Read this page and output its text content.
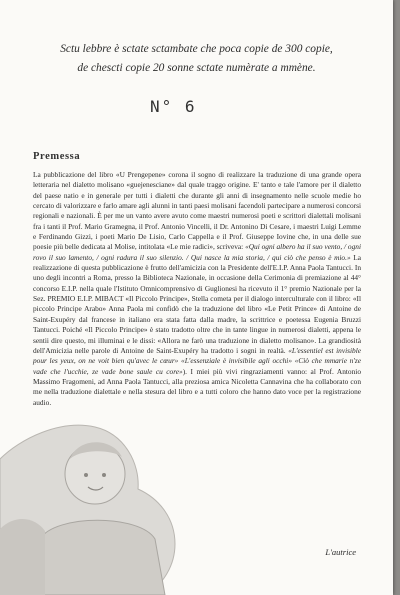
Sctu lebbre è sctate sctambate che poca copie de 300 copie,
de chescti copie 20 sonne sctate numèrate a mmène.
N° 6
Premessa
La pubblicazione del libro «U Prengepene» corona il sogno di realizzare la traduzione di una grande opera letteraria nel dialetto molisano «guejenesciane» dal quale traggo origine. E' tanto e tale l'amore per il dialetto del paese natio e in generale per tutti i dialetti che durante gli anni di insegnamento nelle scuole medie ho cercato di valorizzare e farlo amare agli alunni in tanti paesi molisani facendoli partecipare a numerosi concorsi regionali e nazionali. È per me un vanto avere avuto come maestri numerosi poeti e scrittori dialettali molisani fra i tanti il Prof. Mario Gramegna, il Prof. Antonio Vincelli, il Dr. Antonino Di Cesare, i maestri Luigi Lemme e Ferdinando Gizzi, i poeti Mario De Lisio, Carlo Cappella e il Prof. Giuseppe Iovine che, in una delle sue poesie più belle dedicata al Molise, intitolata «Le mie radici», scriveva: «Qui ogni albero ha il suo vento, / ogni rovo il suo lamento, / ogni radura il suo silenzio. / Qui nasce la mia storia, / qui ciò che penso è mio.» La realizzazione di questa pubblicazione è frutto dell'amicizia con la Presidente dell'E.I.P. Anna Paola Tantucci. In uno degli incontri a Roma, presso la Biblioteca Nazionale, in occasione della Cerimonia di premiazione al 44° concorso E.I.P. nella quale l'Istituto Omnicomprensivo di Guglionesi ha ricevuto il 1° premio Nazionale per la Sez. PREMIO E.I.P. MIBACT «Il Piccolo Principe», Stella cometa per il dialogo interculturale con il libro: «Il piccolo Principe Arabo» Anna Paola mi confidò che la traduzione del libro «Le Petit Prince» di Antoine de Saint-Exupéry dal francese in italiano era stata fatta dalla madre, la scrittrice e poetessa Eugenia Bruzzi Tantucci. Poiché «Il Piccolo Principe» è stato tradotto oltre che in tante lingue in numerosi dialetti, appena le sentii dire questo, mi illuminai e le dissi: «Allora ne farò una traduzione in dialetto molisano». La grandiosità dell'Amicizia nelle parole di Antoine de Saint-Exupéry ha tradotto i sogni in realtà. «L'essentiel est invisible pour les yeux, on ne voit bien qu'avec le cœur» «L'essenziale è invisibile agli occhi» «Ciò che mmarie n'ze vade che l'ucchie, ze vade bone saule cu core»). I miei più vivi ringraziamenti vanno: al Prof. Antonio Massimo Fragomeni, ad Anna Paola Tantucci, alla preziosa amica Nicoletta Cannavina che ha collaborato con me nella traduzione dialettale e nella stesura del libro e a tutti coloro che hanno dato voce per la registrazione audio.
L'autrice
